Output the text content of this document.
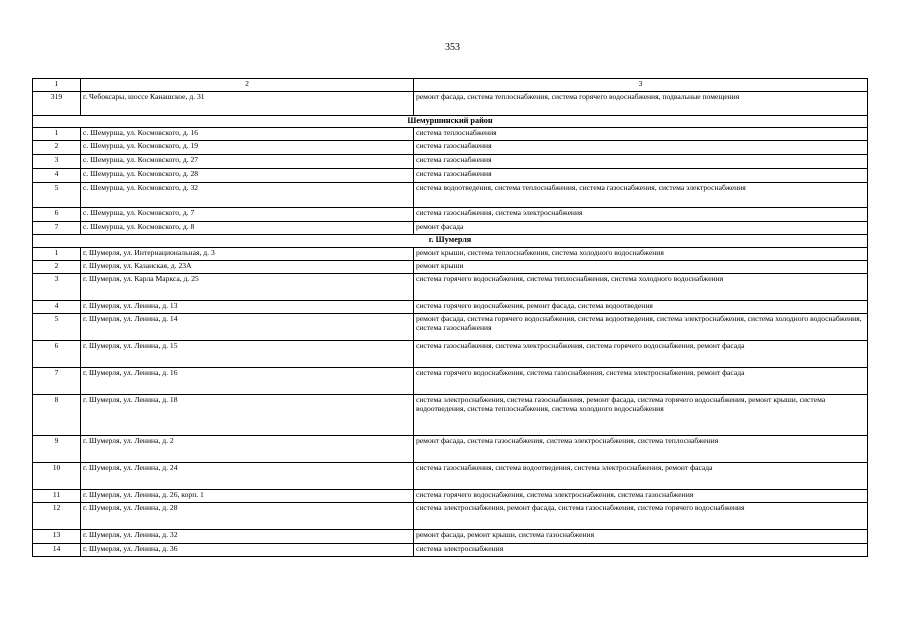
353
1	2	3
319	г. Чебоксары, шоссе Канашское, д. 31	ремонт фасада, система теплоснабжения, система горячего водоснабжения, подвальные помещения
Шемуршинский район		
1	с. Шемурша, ул. Космовского, д. 16	система теплоснабжения
2	с. Шемурша, ул. Космовского, д. 19	система газоснабжения
3	с. Шемурша, ул. Космовского, д. 27	система газоснабжения
4	с. Шемурша, ул. Космовского, д. 28	система газоснабжения
5	с. Шемурша, ул. Космовского, д. 32	система водоотведения, система теплоснабжения, система газоснабжения, система электроснабжения
6	с. Шемурша, ул. Космовского, д. 7	система газоснабжения, система электроснабжения
7	с. Шемурша, ул. Космовского, д. 8	ремонт фасада
г. Шумерля		
1	г. Шумерля, ул. Интернациональная, д. 3	ремонт крыши, система теплоснабжения, система холодного водоснабжения
2	г. Шумерля, ул. Казанская, д. 23А	ремонт крыши
3	г. Шумерля, ул. Карла Маркса, д. 25	система горячего водоснабжения, система теплоснабжения, система холодного водоснабжения
4	г. Шумерля, ул. Ленина, д. 13	система горячего водоснабжения, ремонт фасада, система водоотведения
5	г. Шумерля, ул. Ленина, д. 14	ремонт фасада, система горячего водоснабжения, система водоотведения, система электроснабжения, система холодного водоснабжения, система газоснабжения
6	г. Шумерля, ул. Ленина, д. 15	система газоснабжения, система электроснабжения, система горячего водоснабжения, ремонт фасада
7	г. Шумерля, ул. Ленина, д. 16	система горячего водоснабжения, система газоснабжения, система электроснабжения, ремонт фасада
8	г. Шумерля, ул. Ленина, д. 18	система электроснабжения, система газоснабжения, ремонт фасада, система горячего водоснабжения, ремонт крыши, система водоотведения, система теплоснабжения, система холодного водоснабжения
9	г. Шумерля, ул. Ленина, д. 2	ремонт фасада, система газоснабжения, система электроснабжения, система теплоснабжения
10	г. Шумерля, ул. Ленина, д. 24	система газоснабжения, система водоотведения, система электроснабжения, ремонт фасада
11	г. Шумерля, ул. Ленина, д. 26, корп. 1	система горячего водоснабжения, система электроснабжения, система газоснабжения
12	г. Шумерля, ул. Ленина, д. 28	система электроснабжения, ремонт фасада, система газоснабжения, система горячего водоснабжения
13	г. Шумерля, ул. Ленина, д. 32	ремонт фасада, ремонт крыши, система газоснабжения
14	г. Шумерля, ул. Ленина, д. 36	система электроснабжения
